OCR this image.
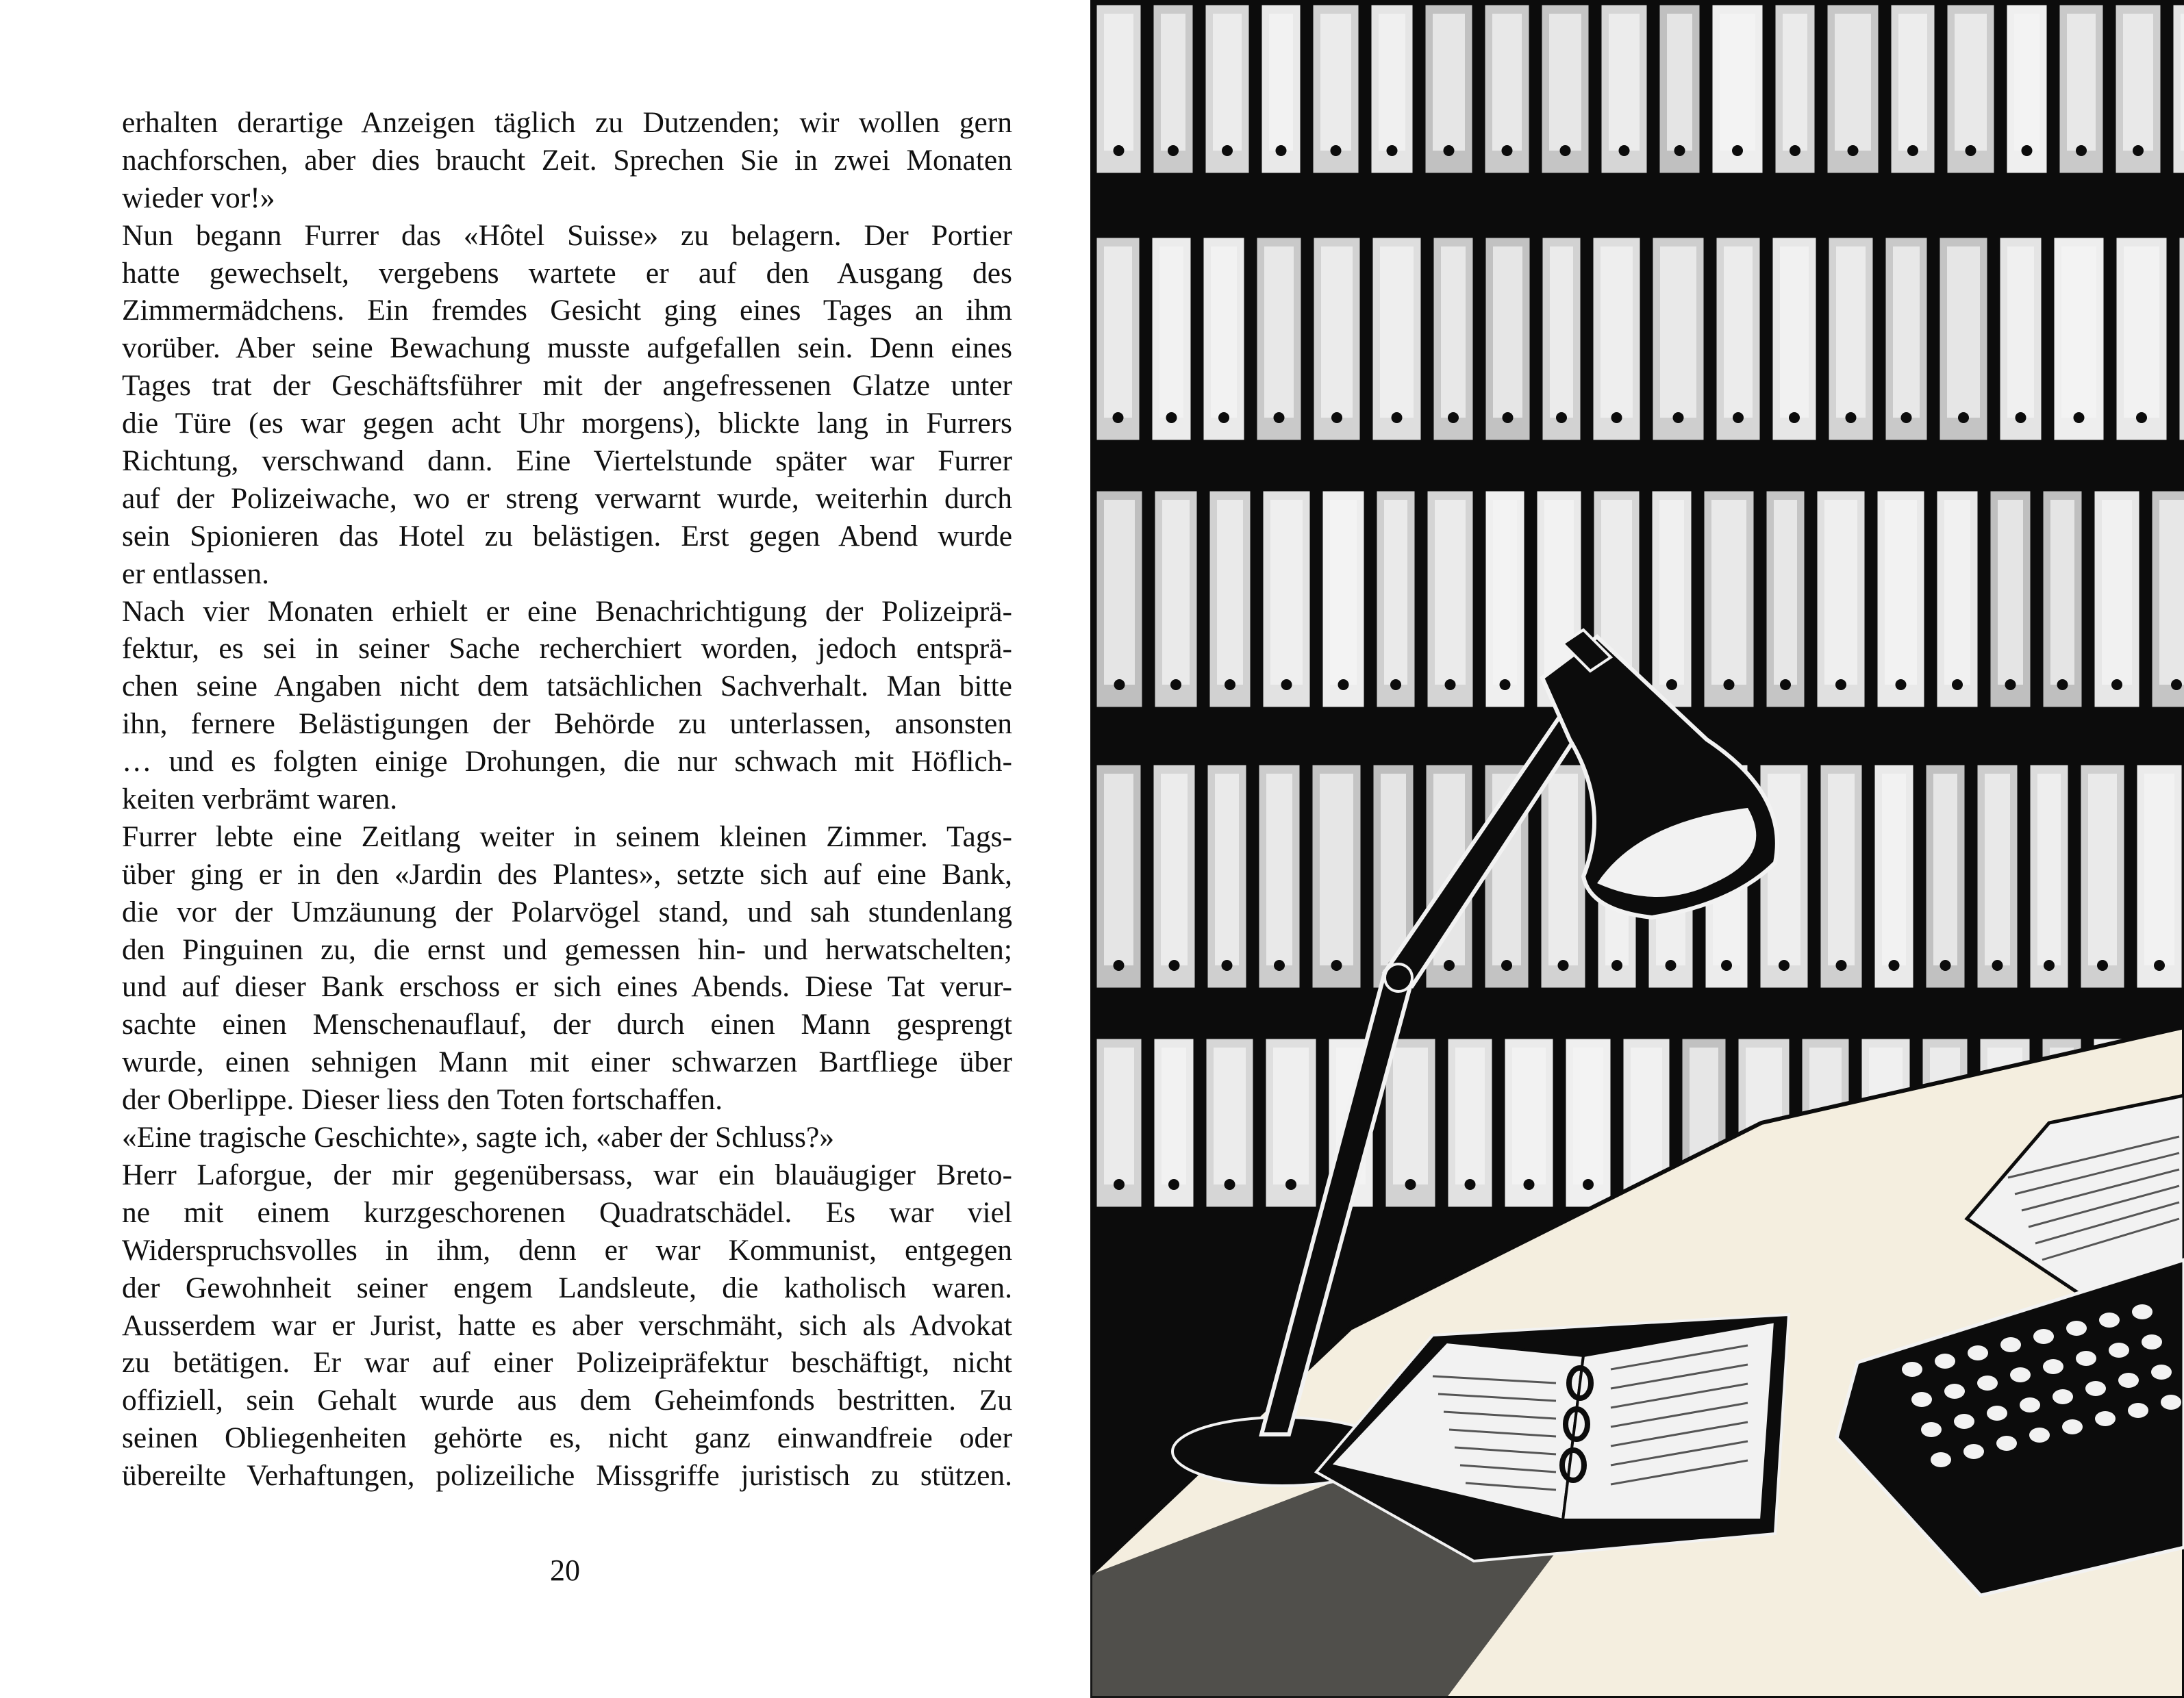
erhalten derartige Anzeigen täglich zu Dutzenden; wir wollen gern
nachforschen, aber dies braucht Zeit. Sprechen Sie in zwei Monaten
wieder vor!»
Nun begann Furrer das «Hôtel Suisse» zu belagern. Der Portier
hatte gewechselt, vergebens wartete er auf den Ausgang des
Zimmermädchens. Ein fremdes Gesicht ging eines Tages an ihm
vorüber. Aber seine Bewachung musste aufgefallen sein. Denn eines
Tages trat der Geschäftsführer mit der angefressenen Glatze unter
die Türe (es war gegen acht Uhr morgens), blickte lang in Furrers
Richtung, verschwand dann. Eine Viertelstunde später war Furrer
auf der Polizeiwache, wo er streng verwarnt wurde, weiterhin durch
sein Spionieren das Hotel zu belästigen. Erst gegen Abend wurde
er entlassen.
Nach vier Monaten erhielt er eine Benachrichtigung der Polizeiprä-
fektur, es sei in seiner Sache recherchiert worden, jedoch entsprä-
chen seine Angaben nicht dem tatsächlichen Sachverhalt. Man bitte
ihn, fernere Belästigungen der Behörde zu unterlassen, ansonsten
… und es folgten einige Drohungen, die nur schwach mit Höflich-
keiten verbrämt waren.
Furrer lebte eine Zeitlang weiter in seinem kleinen Zimmer. Tags-
über ging er in den «Jardin des Plantes», setzte sich auf eine Bank,
die vor der Umzäunung der Polarvögel stand, und sah stundenlang
den Pinguinen zu, die ernst und gemessen hin- und herwatschelten;
und auf dieser Bank erschoss er sich eines Abends. Diese Tat verur-
sachte einen Menschenauflauf, der durch einen Mann gesprengt
wurde, einen sehnigen Mann mit einer schwarzen Bartfliege über
der Oberlippe. Dieser liess den Toten fortschaffen.
«Eine tragische Geschichte», sagte ich, «aber der Schluss?»
Herr Laforgue, der mir gegenübersass, war ein blauäugiger Breto-
ne mit einem kurzgeschorenen Quadratschädel. Es war viel
Widerspruchsvolles in ihm, denn er war Kommunist, entgegen
der Gewohnheit seiner engem Landsleute, die katholisch waren.
Ausserdem war er Jurist, hatte es aber verschmäht, sich als Advokat
zu betätigen. Er war auf einer Polizeipräfektur beschäftigt, nicht
offiziell, sein Gehalt wurde aus dem Geheimfonds bestritten. Zu
seinen Obliegenheiten gehörte es, nicht ganz einwandfreie oder
übereilte Verhaftungen, polizeiliche Missgriffe juristisch zu stützen.
20
